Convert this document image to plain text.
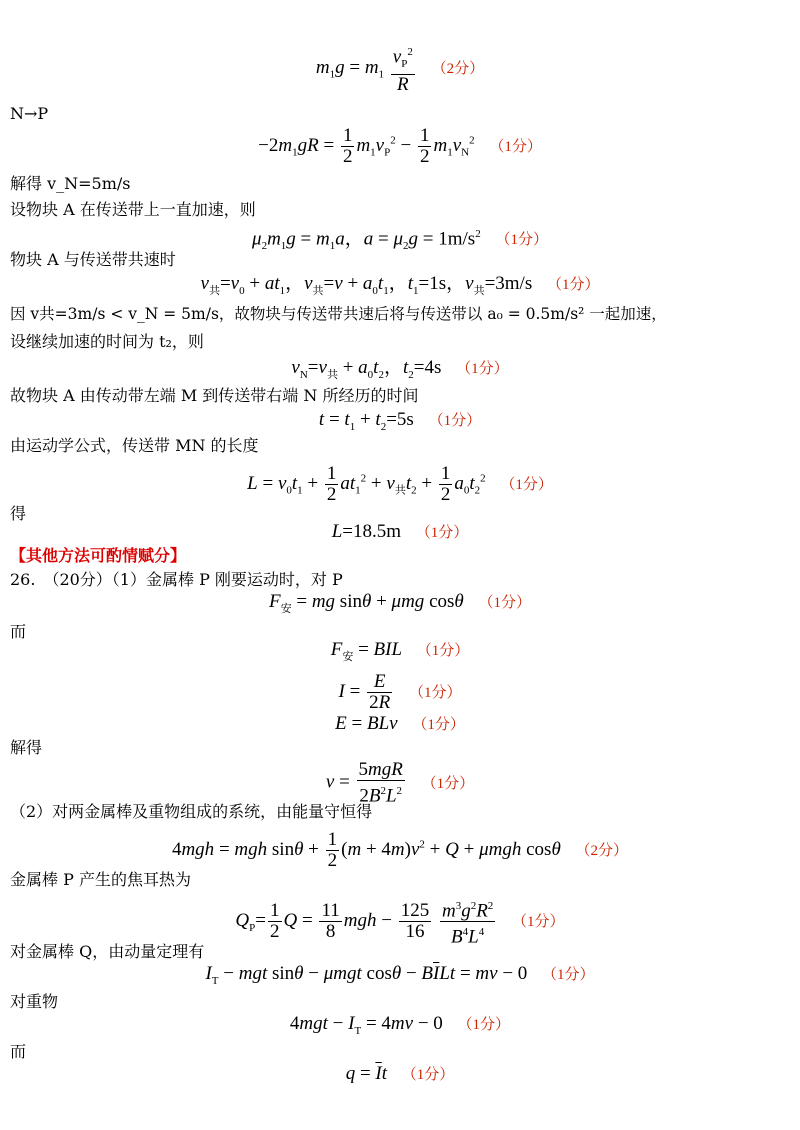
$m_1g = m_1 \frac{v_P^2}{R} (2$分）
N→P
$-2m_1gR = \frac{1}{2} m_1v_P^2 - \frac{1}{2} m_1v_N^2$ （1分）
解得 v_N=5m/s
设物块 A 在传送带上一直加速，则
$\mu_2m_1g = m_1a$，$a = \mu_2g = 1m/s^2$ （1分）
物块 A 与传送带共速时
$v_共=v_0 + at_1$，$v_共=v + a_0t_1$，$t_1=1s$，$v_共=3m/s$ （1分）
因 v共=3m/s < v_N = 5m/s，故物块与传送带共速后将与传送带以 a₀ = 0.5m/s² 一起加速，
设继续加速的时间为 t₂，则
$v_N=v_共 + a_0t_2$，$t_2=4s$ （1分）
故物块 A 由传动带左端 M 到传送带右端 N 所经历的时间
$t = t_1 + t_2=5s$ （1分）
由运动学公式，传送带 MN 的长度
$L = v_0t_1 + \frac{1}{2} at_1^2 + v_共t_2 + \frac{1}{2} a_0t_2^2$ （1分）
得
L=18.5m （1分）
【其他方法可酌情赋分】
26.　（20分）（1）金属棒 P 刚要运动时，对 P
$F_安$ = mg sinθ + μmg cosθ （1分）
而
$F_安$ = BIL （1分）
$I = \frac{E}{2R} (1$分）
E = BLv （1分）
解得
$v = \frac{\text{5mgR}}{2B^2L^2} (1$分）
（2）对两金属棒及重物组成的系统，由能量守恒得
4mgh = mgh $\sin\theta + \frac{1}{2} (m + 4m)v^2 + Q + \mu mgh$ cosθ （2分）
金属棒 P 产生的焦耳热为
$Q_P= \frac{1}{2}$ $Q = \frac{11}{8}$ mgh − $\frac{125}{16}$
$\frac{m^3g^2R^2}{B^4L^4} (1$分）
对金属棒 Q，由动量定理有
$I_T$ − mgt sinθ − μmgt $\cos\theta - B\overline{I}Lt$ = mv − 0 （1分）
对重物
$4mgt - I_T = 4mv - 0$ （1分）
而
$q = \overline{I}t$ （1分）
